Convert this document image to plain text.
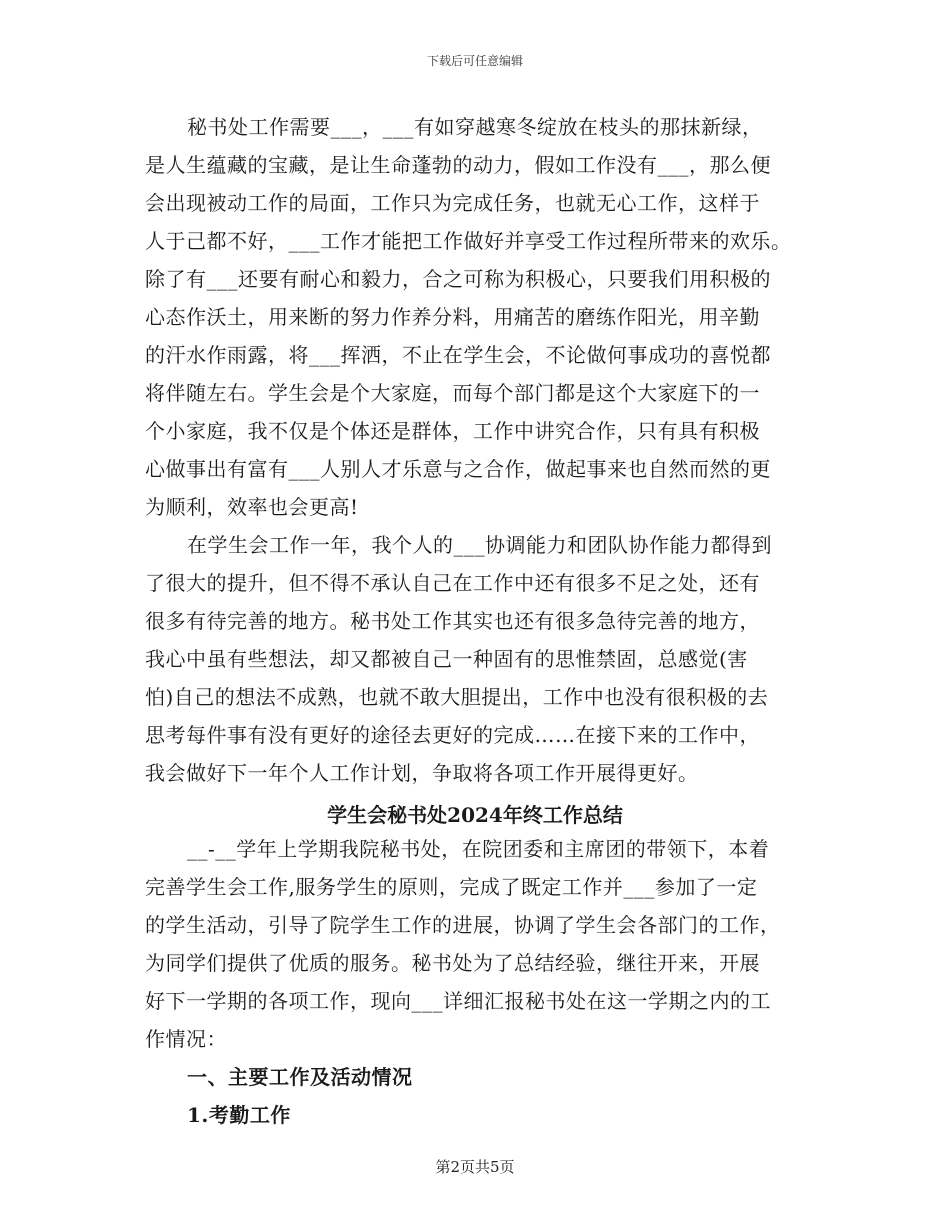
下载后可任意编辑
秘书处工作需要___，___有如穿越寒冬绽放在枝头的那抹新绿，
是人生蕴藏的宝藏，是让生命蓬勃的动力，假如工作没有___，那么便
会出现被动工作的局面，工作只为完成任务，也就无心工作，这样于
人于己都不好，___工作才能把工作做好并享受工作过程所带来的欢乐。
除了有___还要有耐心和毅力，合之可称为积极心，只要我们用积极的
心态作沃土，用来断的努力作养分料，用痛苦的磨练作阳光，用辛勤
的汗水作雨露，将___挥洒，不止在学生会，不论做何事成功的喜悦都
将伴随左右。学生会是个大家庭，而每个部门都是这个大家庭下的一
个小家庭，我不仅是个体还是群体，工作中讲究合作，只有具有积极
心做事出有富有___人别人才乐意与之合作，做起事来也自然而然的更
为顺利，效率也会更高!
在学生会工作一年，我个人的___协调能力和团队协作能力都得到
了很大的提升，但不得不承认自己在工作中还有很多不足之处，还有
很多有待完善的地方。秘书处工作其实也还有很多急待完善的地方，
我心中虽有些想法，却又都被自己一种固有的思惟禁固，总感觉(害
怕)自己的想法不成熟，也就不敢大胆提出，工作中也没有很积极的去
思考每件事有没有更好的途径去更好的完成……在接下来的工作中，
我会做好下一年个人工作计划，争取将各项工作开展得更好。
学生会秘书处2024年终工作总结
__-__学年上学期我院秘书处，在院团委和主席团的带领下，本着
完善学生会工作,服务学生的原则，完成了既定工作并___参加了一定
的学生活动，引导了院学生工作的进展，协调了学生会各部门的工作，
为同学们提供了优质的服务。秘书处为了总结经验，继往开来，开展
好下一学期的各项工作，现向___详细汇报秘书处在这一学期之内的工
作情况：
一、主要工作及活动情况
1.考勤工作
第2页共5页
